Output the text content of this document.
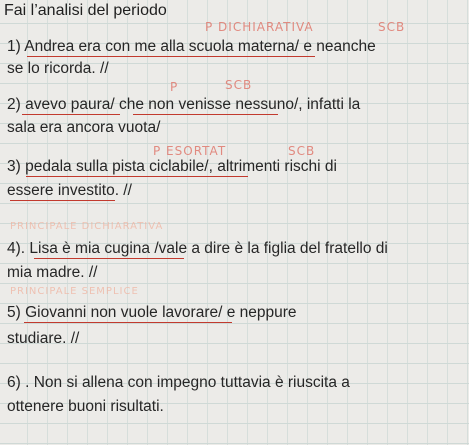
Fai l’analisi del periodo
P DICHIARATIVA	SCB
1) Andrea era con me alla scuola materna/ e neanche
se lo ricorda. //
P	SCB
2) avevo paura/ che non venisse nessuno/, infatti la
sala era ancora vuota/
P ESORTAT	SCB
3) pedala sulla pista ciclabile/, altrimenti rischi di
essere investito. //
PRINCIPALE DICHIARATIVA
4). Lisa è mia cugina /vale a dire è la figlia del fratello di
mia madre. //
PRINCIPALE SEMPLICE
5) Giovanni non vuole lavorare/ e neppure
studiare. //
6) . Non si allena con impegno tuttavia è riuscita a
ottenere buoni risultati.
